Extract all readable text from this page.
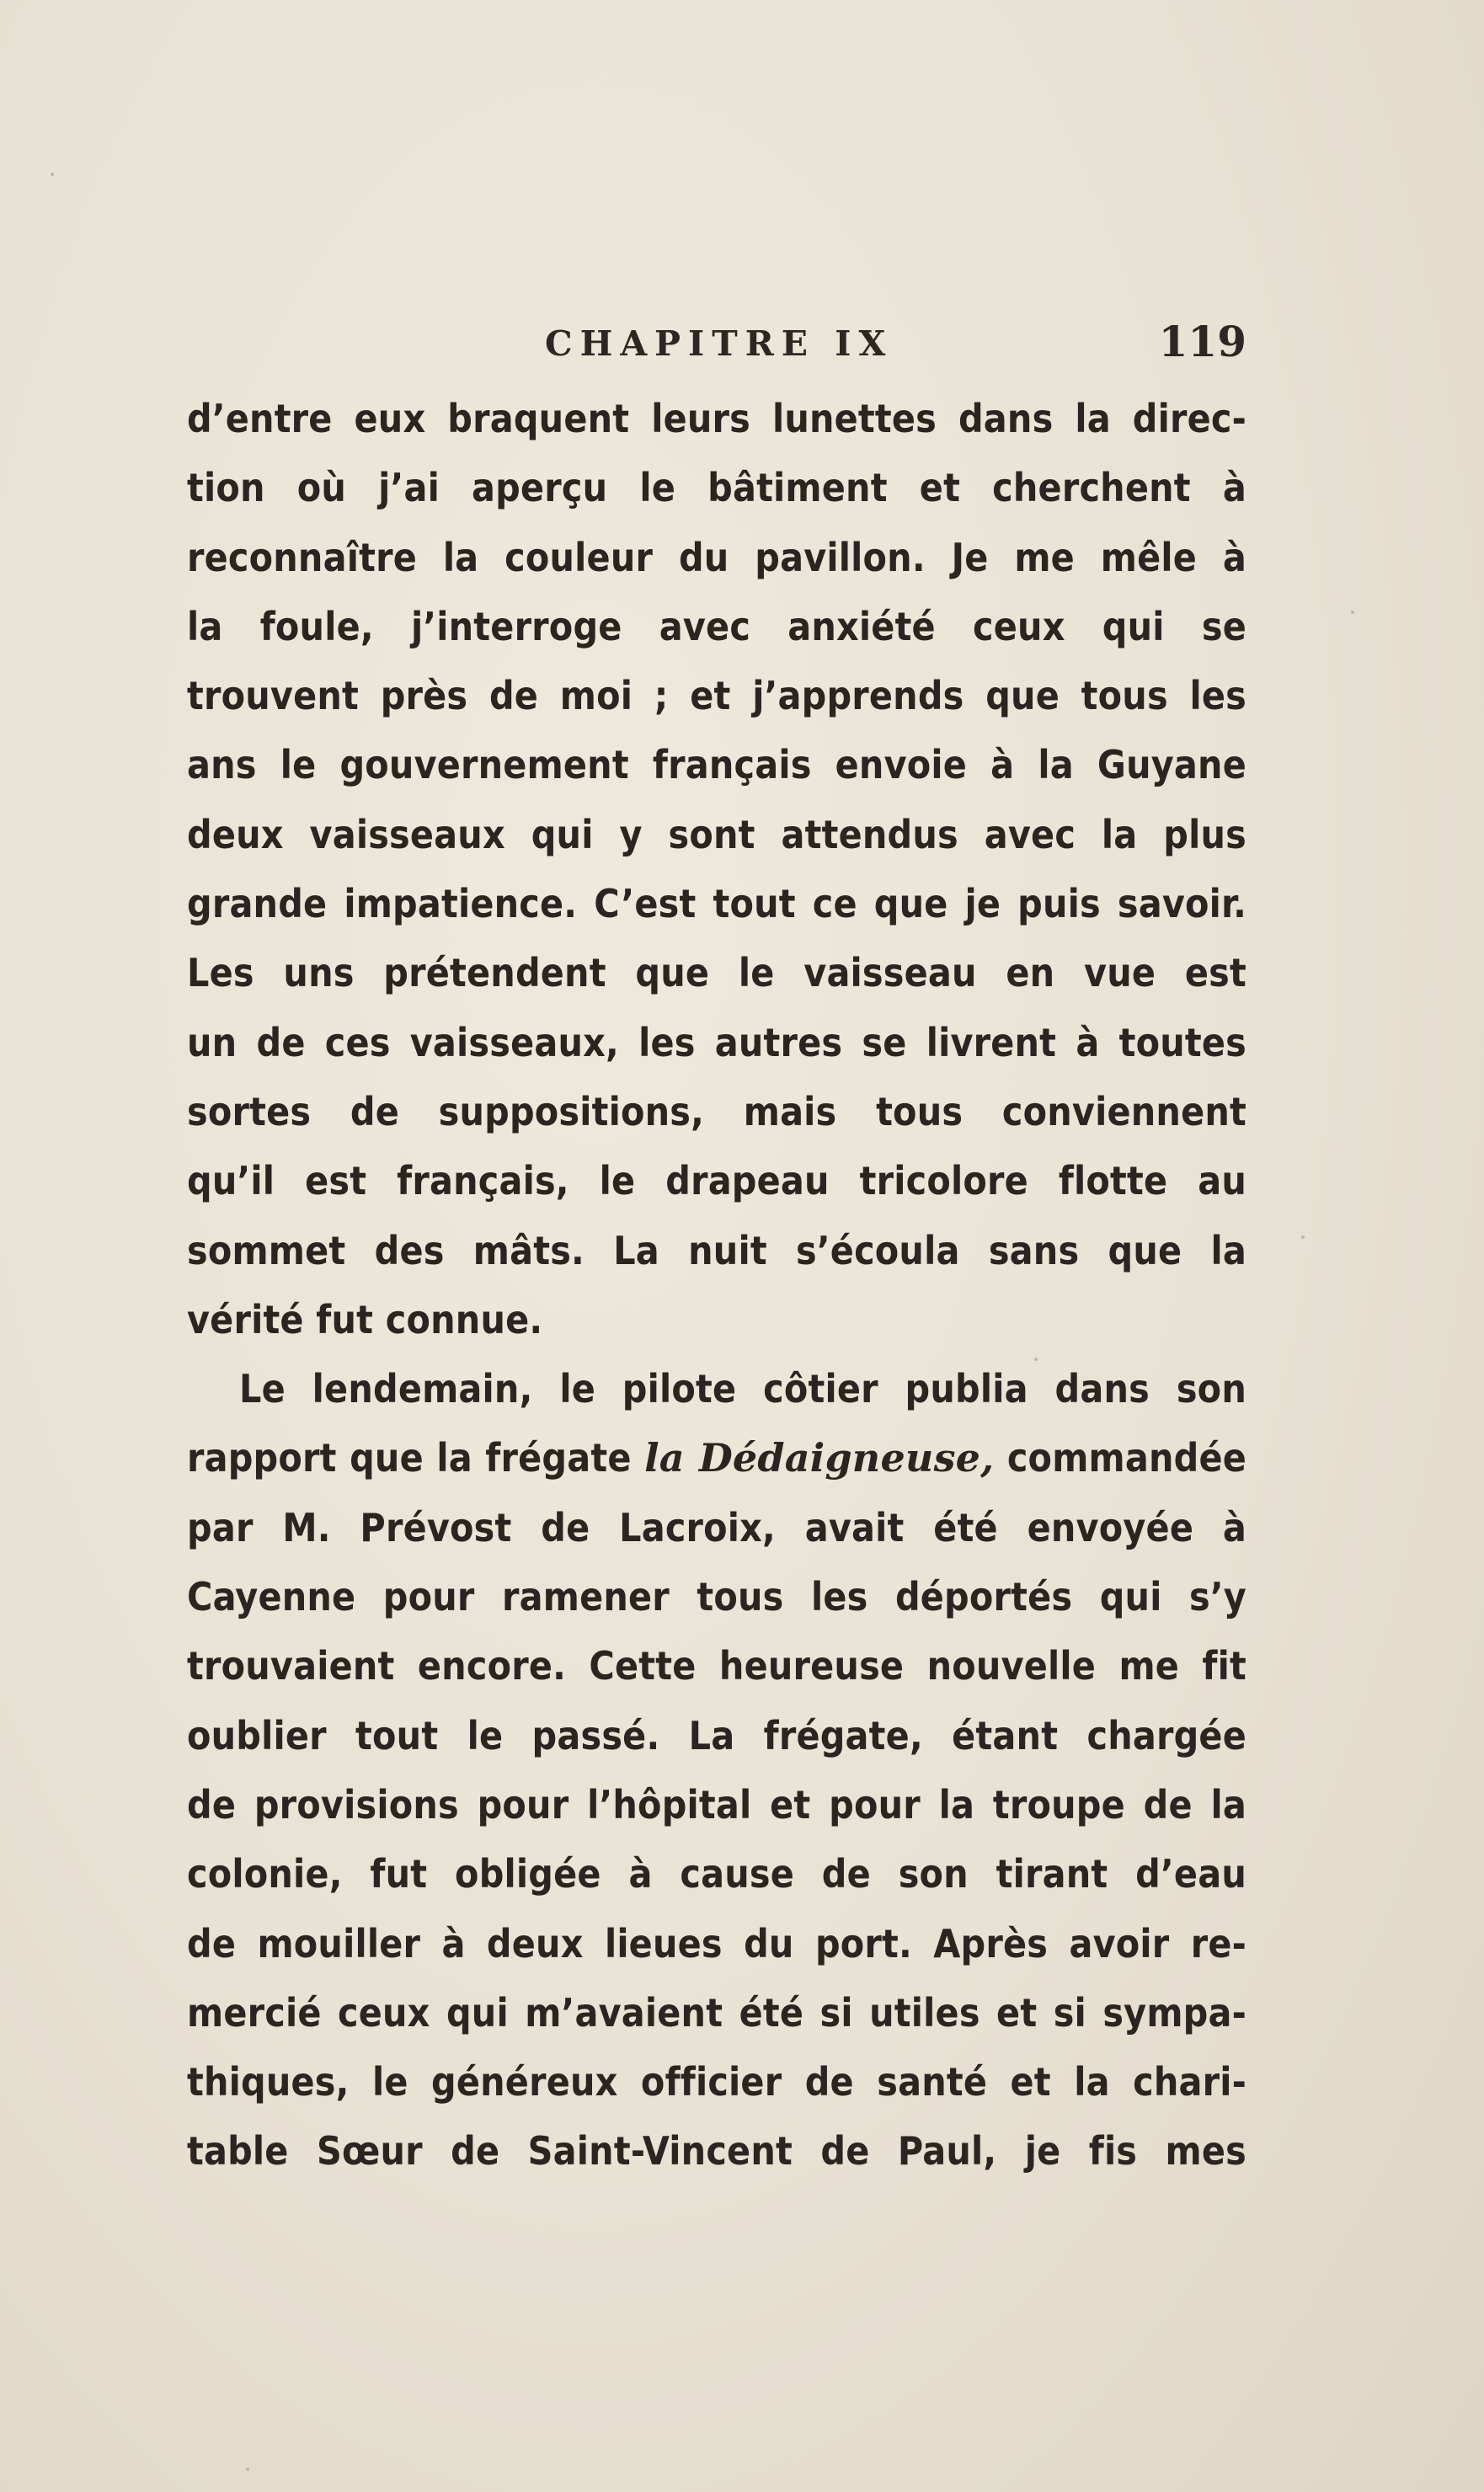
CHAPITRE IX	119
d’entre eux braquent leurs lunettes dans la direc-
tion où j’ai aperçu le bâtiment et cherchent à
reconnaître la couleur du pavillon. Je me mêle à
la foule, j’interroge avec anxiété ceux qui se
trouvent près de moi ; et j’apprends que tous les
ans le gouvernement français envoie à la Guyane
deux vaisseaux qui y sont attendus avec la plus
grande impatience. C’est tout ce que je puis savoir.
Les uns prétendent que le vaisseau en vue est
un de ces vaisseaux, les autres se livrent à toutes
sortes de suppositions, mais tous conviennent
qu’il est français, le drapeau tricolore flotte au
sommet des mâts. La nuit s’écoula sans que la
vérité fut connue.
Le lendemain, le pilote côtier publia dans son
rapport que la frégate la Dédaigneuse, commandée
par M. Prévost de Lacroix, avait été envoyée à
Cayenne pour ramener tous les déportés qui s’y
trouvaient encore. Cette heureuse nouvelle me fit
oublier tout le passé. La frégate, étant chargée
de provisions pour l’hôpital et pour la troupe de la
colonie, fut obligée à cause de son tirant d’eau
de mouiller à deux lieues du port. Après avoir re-
mercié ceux qui m’avaient été si utiles et si sympa-
thiques, le généreux officier de santé et la chari-
table Sœur de Saint-Vincent de Paul, je fis mes
